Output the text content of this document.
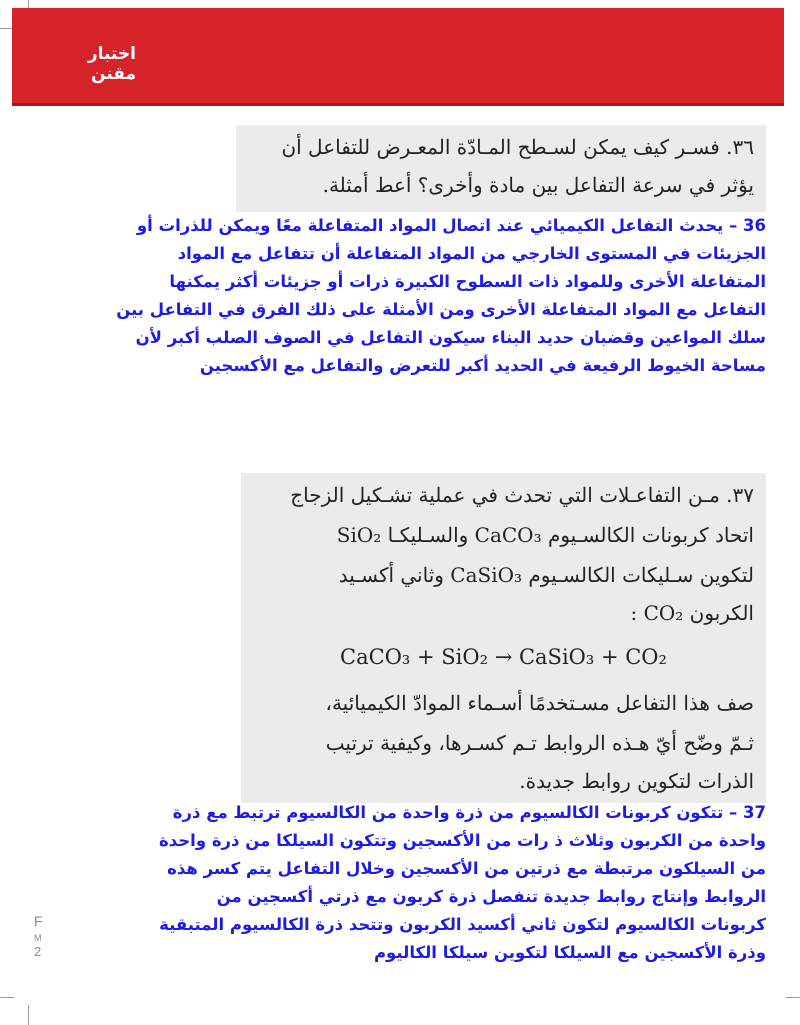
اختبار
مقنن
٣٦. فسـر كيف يمكن لسـطح المـادّة المعـرض للتفاعل أن
يؤثر في سرعة التفاعل بين مادة وأخرى؟ أعط أمثلة.
36 – يحدث التفاعل الكيميائي عند اتصال المواد المتفاعلة معًا ويمكن للذرات أو
الجزيئات في المستوى الخارجي من المواد المتفاعلة أن تتفاعل مع المواد
المتفاعلة الأخرى وللمواد ذات السطوح الكبيرة ذرات أو جزيئات أكثر يمكنها
التفاعل مع المواد المتفاعلة الأخرى ومن الأمثلة على ذلك الفرق في التفاعل بين
سلك المواعين وقضبان حديد البناء سيكون التفاعل في الصوف الصلب أكبر لأن
مساحة الخيوط الرفيعة في الحديد أكبر للتعرض والتفاعل مع الأكسجين
٣٧. مـن التفاعـلات التي تحدث في عملية تشـكيل الزجاج
اتحاد كربونات الكالسـيوم CaCO₃ والسـليكـا SiO₂
لتكوين سـليكات الكالسـيوم CaSiO₃ وثاني أكسـيد
الكربون CO₂ :
CaCO₃ + SiO₂ → CaSiO₃ + CO₂
صف هذا التفاعل مسـتخدمًا أسـماء الموادّ الكيميائية،
ثـمّ وضّح أيّ هـذه الروابط تـم كسـرها، وكيفية ترتيب
الذرات لتكوين روابط جديدة.
37 – تتكون كربونات الكالسيوم من ذرة واحدة من الكالسيوم ترتبط مع ذرة
واحدة من الكربون وثلاث ذ رات من الأكسجين وتتكون السيلكا من ذرة واحدة
من السيلكون مرتبطة مع ذرتين من الأكسجين وخلال التفاعل يتم كسر هذه
الروابط وإنتاج روابط جديدة تنفصل ذرة كربون مع ذرتي أكسجين من
كربونات الكالسيوم لتكون ثاني أكسيد الكربون وتتحد ذرة الكالسيوم المتبقية
وذرة الأكسجين مع السيلكا لتكوين سيلكا الكاليوم
F
M
2
